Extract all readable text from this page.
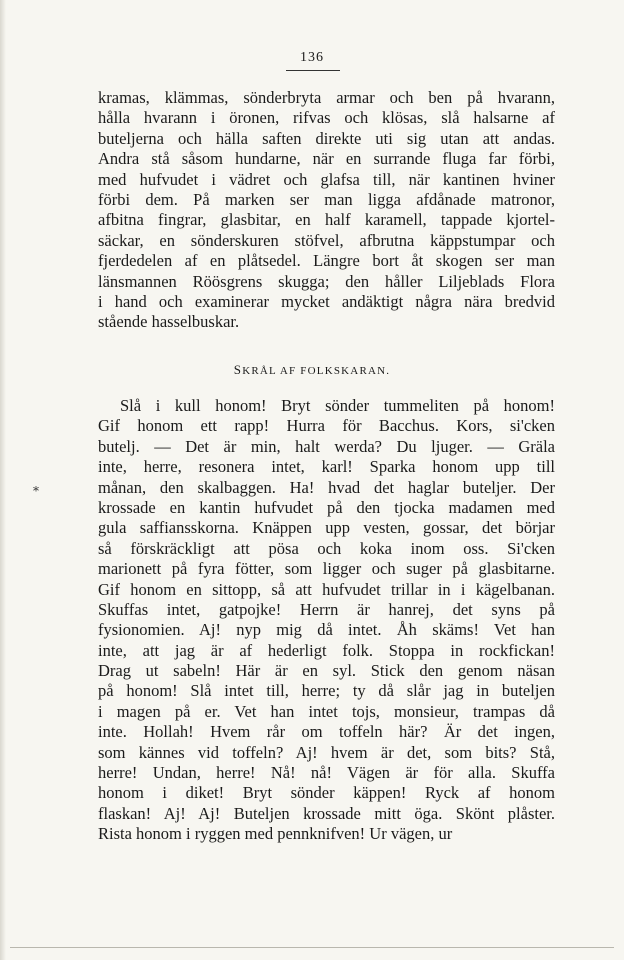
136
kramas, klämmas, sönderbryta armar och ben på hvarann,
hålla hvarann i öronen, rifvas och klösas, slå halsarne af
buteljerna och hälla saften direkte uti sig utan att andas.
Andra stå såsom hundarne, när en surrande fluga far förbi,
med hufvudet i vädret och glafsa till, när kantinen hviner
förbi dem. På marken ser man ligga afdånade matronor,
afbitna fingrar, glasbitar, en half karamell, tappade kjortel-
säckar, en sönderskuren stöfvel, afbrutna käppstumpar och
fjerdedelen af en plåtsedel. Längre bort åt skogen ser man
länsmannen Röösgrens skugga; den håller Liljeblads Flora
i hand och examinerar mycket andäktigt några nära bredvid
stående hasselbuskar.
SKRÅL AF FOLKSKARAN.
Slå i kull honom! Bryt sönder tummeliten på honom!
Gif honom ett rapp! Hurra för Bacchus. Kors, si'cken
butelj. — Det är min, halt werda? Du ljuger. — Gräla
inte, herre, resonera intet, karl! Sparka honom upp till
månan, den skalbaggen. Ha! hvad det haglar buteljer. Der
krossade en kantin hufvudet på den tjocka madamen med
gula saffiansskorna. Knäppen upp vesten, gossar, det börjar
så förskräckligt att pösa och koka inom oss. Si'cken
marionett på fyra fötter, som ligger och suger på glasbitarne.
Gif honom en sittopp, så att hufvudet trillar in i kägelbanan.
Skuffas intet, gatpojke! Herrn är hanrej, det syns på
fysionomien. Aj! nyp mig då intet. Åh skäms! Vet han
inte, att jag är af hederligt folk. Stoppa in rockfickan!
Drag ut sabeln! Här är en syl. Stick den genom näsan
på honom! Slå intet till, herre; ty då slår jag in buteljen
i magen på er. Vet han intet tojs, monsieur, trampas då
inte. Hollah! Hvem rår om toffeln här? Är det ingen,
som kännes vid toffeln? Aj! hvem är det, som bits? Stå,
herre! Undan, herre! Nå! nå! Vägen är för alla. Skuffa
honom i diket! Bryt sönder käppen! Ryck af honom
flaskan! Aj! Aj! Buteljen krossade mitt öga. Skönt plåster.
Rista honom i ryggen med pennknifven! Ur vägen, ur
*
